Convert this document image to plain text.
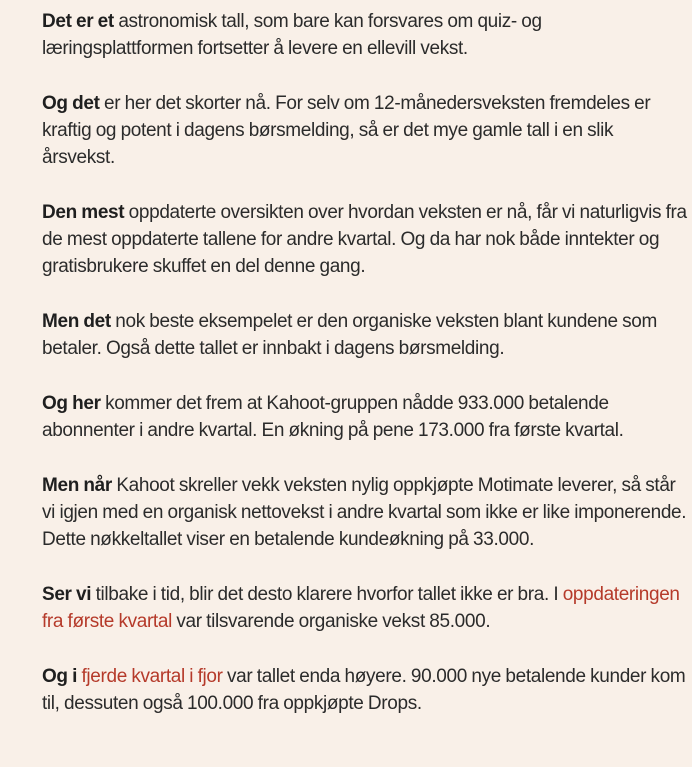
Det er et astronomisk tall, som bare kan forsvares om quiz- og læringsplattformen fortsetter å levere en ellevill vekst.

Og det er her det skorter nå. For selv om 12-månedersveksten fremdeles er kraftig og potent i dagens børsmelding, så er det mye gamle tall i en slik årsvekst.

Den mest oppdaterte oversikten over hvordan veksten er nå, får vi naturligvis fra de mest oppdaterte tallene for andre kvartal. Og da har nok både inntekter og gratisbrukere skuffet en del denne gang.

Men det nok beste eksempelet er den organiske veksten blant kundene som betaler. Også dette tallet er innbakt i dagens børsmelding.

Og her kommer det frem at Kahoot-gruppen nådde 933.000 betalende abonnenter i andre kvartal. En økning på pene 173.000 fra første kvartal.

Men når Kahoot skreller vekk veksten nylig oppkjøpte Motimate leverer, så står vi igjen med en organisk nettovekst i andre kvartal som ikke er like imponerende. Dette nøkkeltallet viser en betalende kundeøkning på 33.000.

Ser vi tilbake i tid, blir det desto klarere hvorfor tallet ikke er bra. I oppdateringen fra første kvartal var tilsvarende organiske vekst 85.000.

Og i fjerde kvartal i fjor var tallet enda høyere. 90.000 nye betalende kunder kom til, dessuten også 100.000 fra oppkjøpte Drops.
